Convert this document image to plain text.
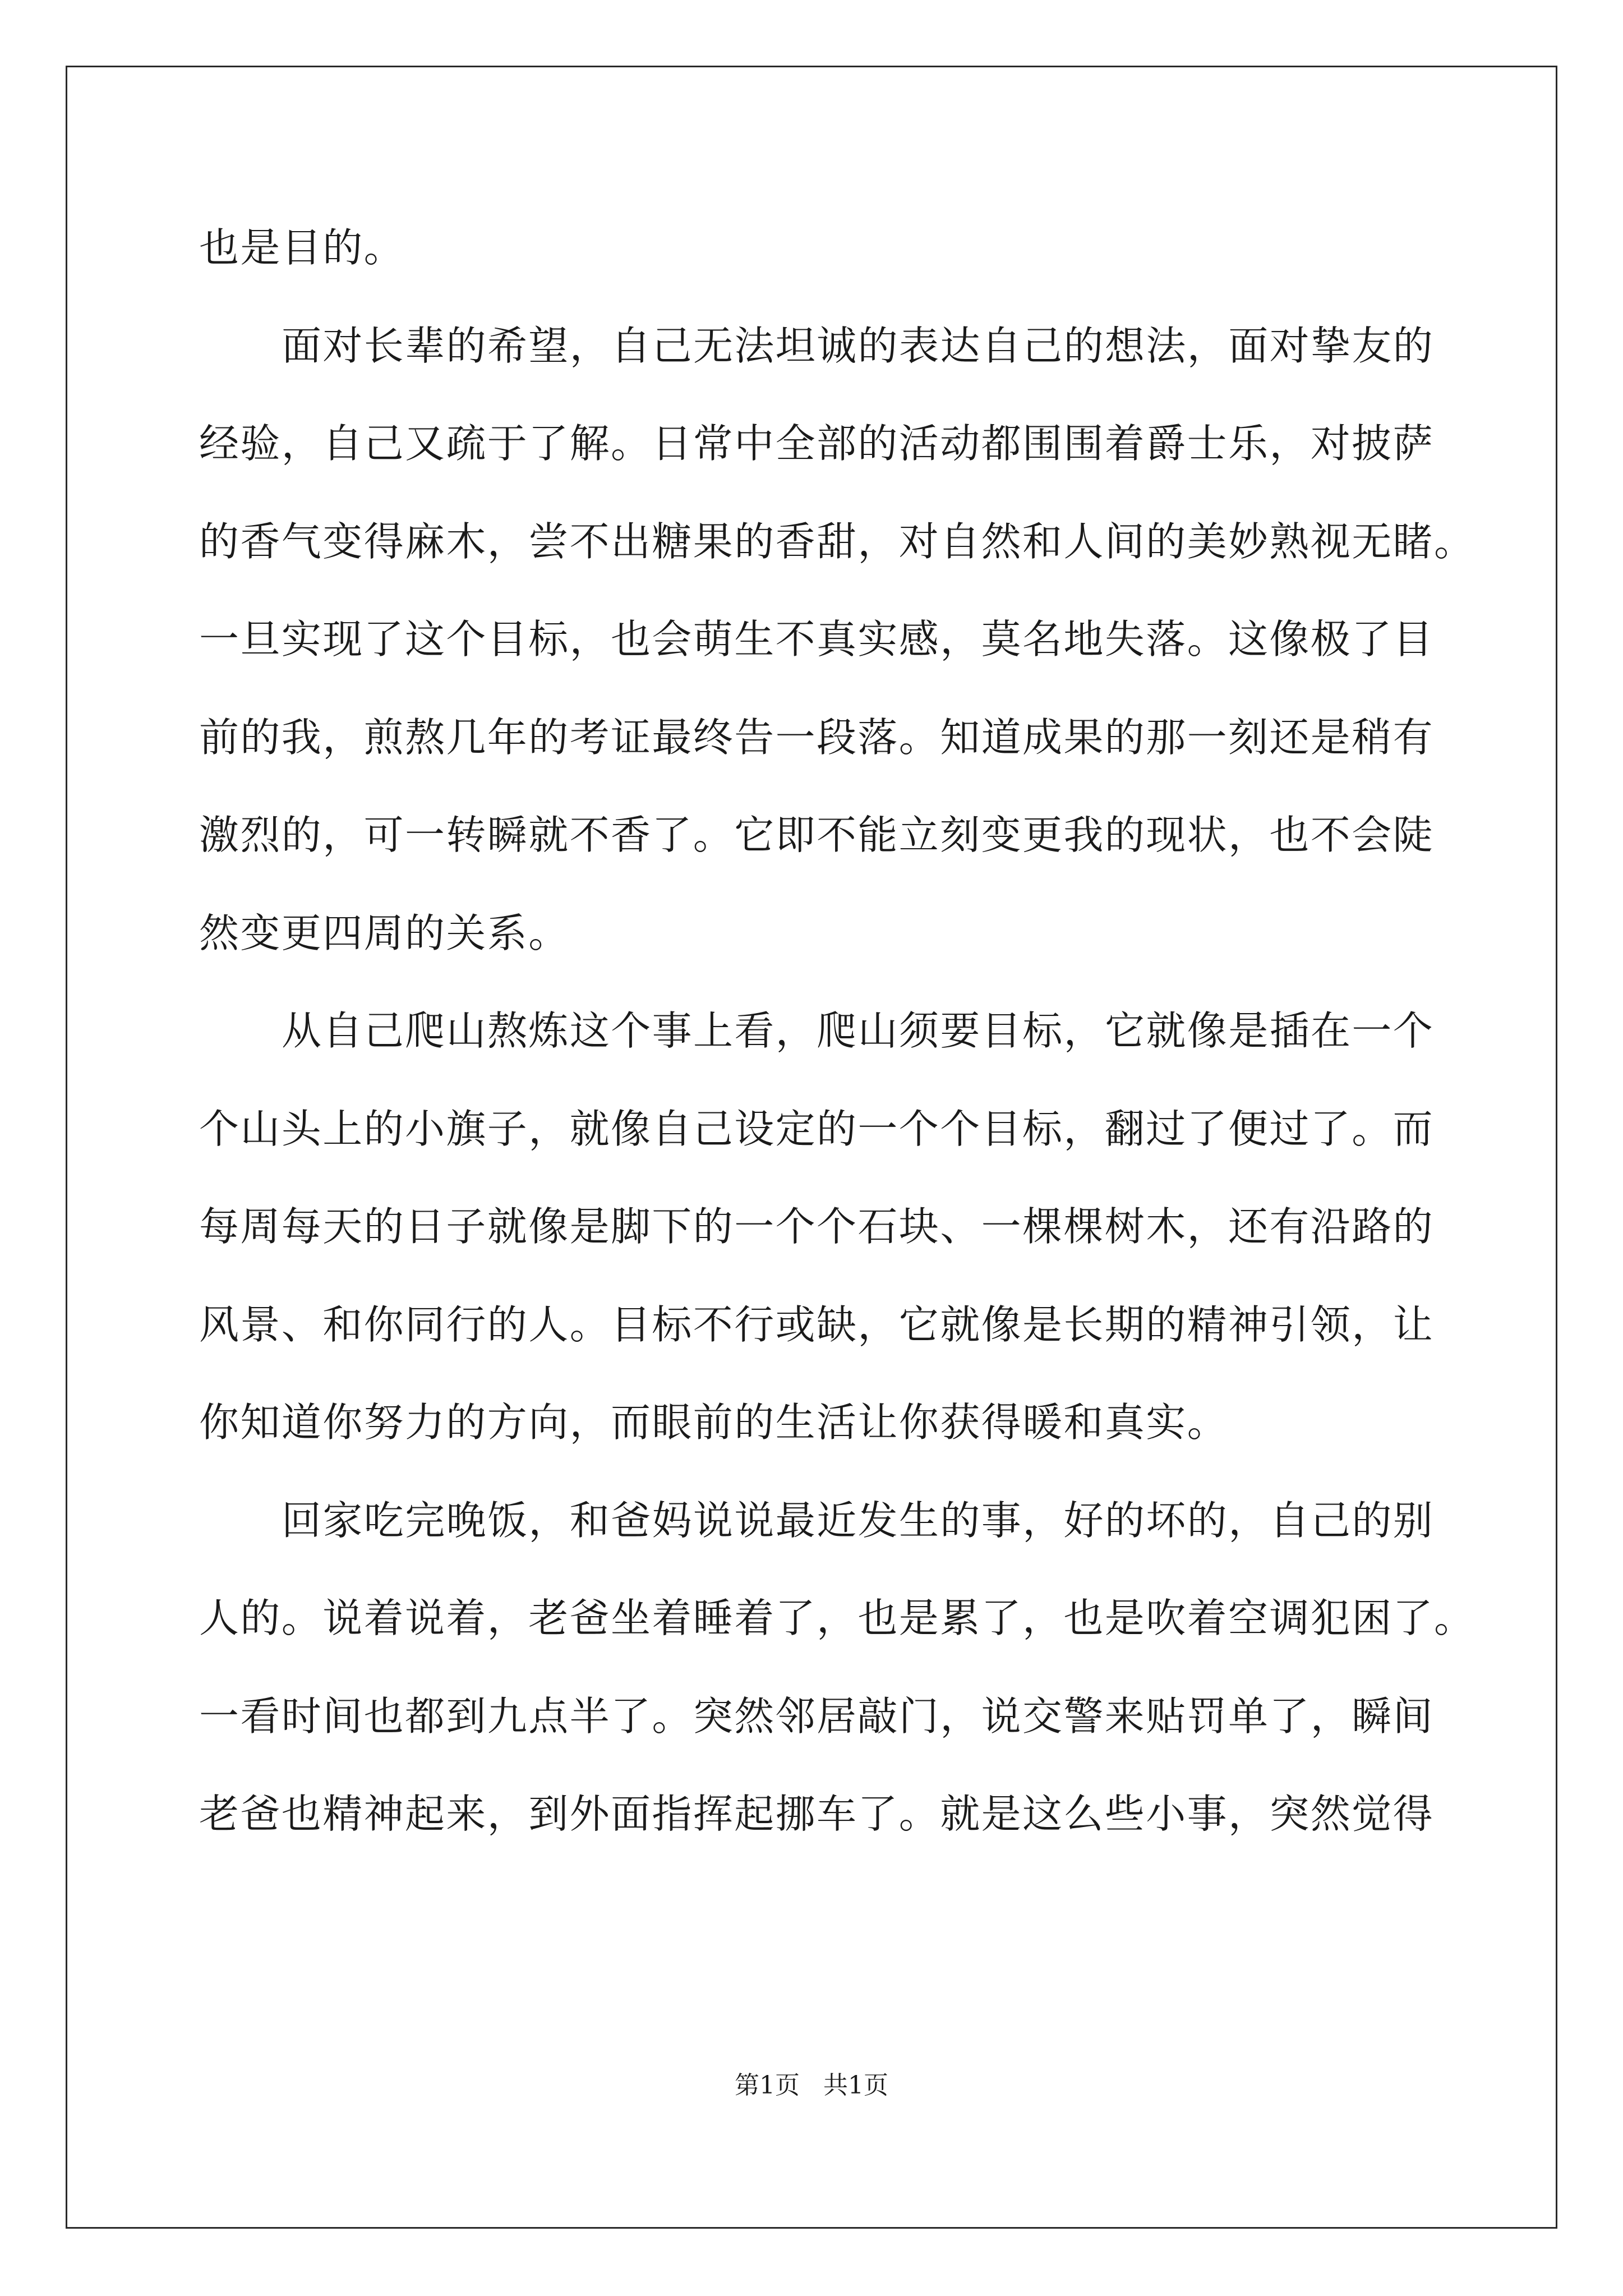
也是目的。
面对长辈的希望，自己无法坦诚的表达自己的想法，面对挚友的
经验，自己又疏于了解。日常中全部的活动都围围着爵士乐，对披萨
的香气变得麻木，尝不出糖果的香甜，对自然和人间的美妙熟视无睹。
一旦实现了这个目标，也会萌生不真实感，莫名地失落。这像极了目
前的我，煎熬几年的考证最终告一段落。知道成果的那一刻还是稍有
激烈的，可一转瞬就不香了。它即不能立刻变更我的现状，也不会陡
然变更四周的关系。
从自己爬山熬炼这个事上看，爬山须要目标，它就像是插在一个
个山头上的小旗子，就像自己设定的一个个目标，翻过了便过了。而
每周每天的日子就像是脚下的一个个石块、一棵棵树木，还有沿路的
风景、和你同行的人。目标不行或缺，它就像是长期的精神引领，让
你知道你努力的方向，而眼前的生活让你获得暖和真实。
回家吃完晚饭，和爸妈说说最近发生的事，好的坏的，自己的别
人的。说着说着，老爸坐着睡着了，也是累了，也是吹着空调犯困了。
一看时间也都到九点半了。突然邻居敲门，说交警来贴罚单了，瞬间
老爸也精神起来，到外面指挥起挪车了。就是这么些小事，突然觉得
第1页   共1页
